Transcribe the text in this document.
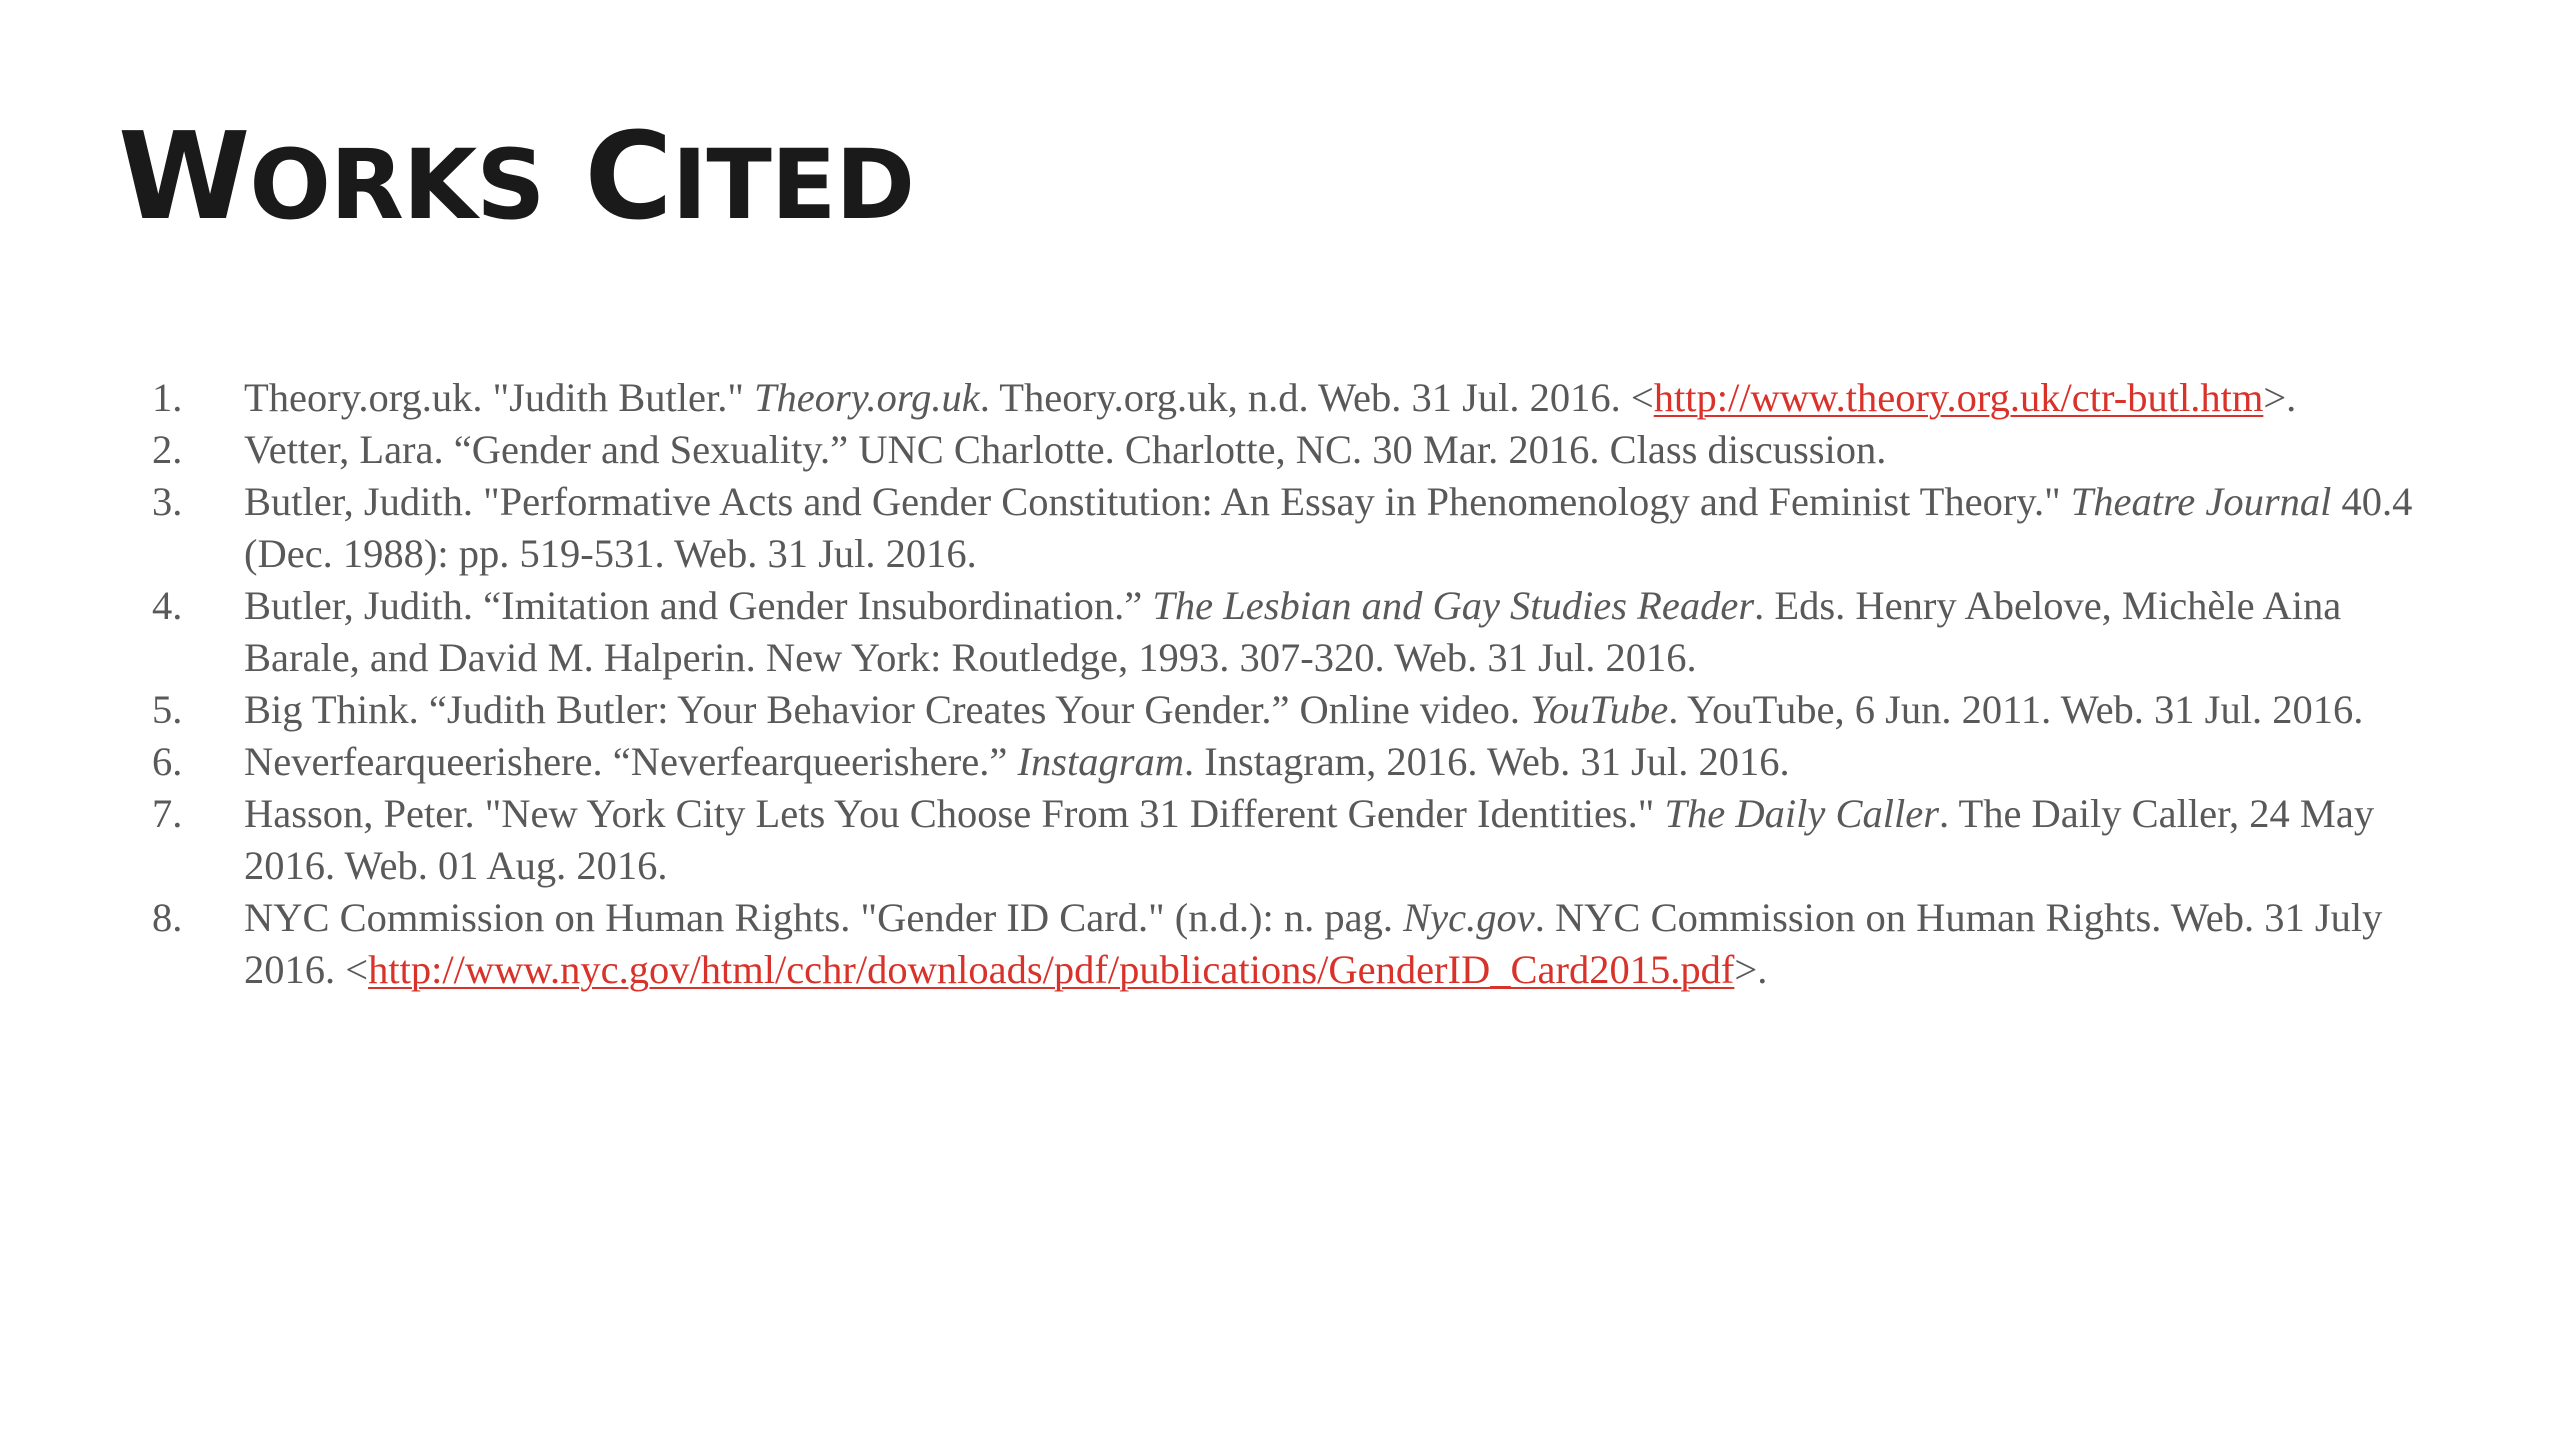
WORKS CITED
1. Theory.org.uk. "Judith Butler." Theory.org.uk. Theory.org.uk, n.d. Web. 31 Jul. 2016. <http://www.theory.org.uk/ctr-butl.htm>.
2. Vetter, Lara. “Gender and Sexuality.” UNC Charlotte. Charlotte, NC. 30 Mar. 2016. Class discussion.
3. Butler, Judith. "Performative Acts and Gender Constitution: An Essay in Phenomenology and Feminist Theory." Theatre Journal 40.4 (Dec. 1988): pp. 519-531. Web. 31 Jul. 2016.
4. Butler, Judith. “Imitation and Gender Insubordination.” The Lesbian and Gay Studies Reader. Eds. Henry Abelove, Michèle Aina Barale, and David M. Halperin. New York: Routledge, 1993. 307-320. Web. 31 Jul. 2016.
5. Big Think. “Judith Butler: Your Behavior Creates Your Gender.” Online video. YouTube. YouTube, 6 Jun. 2011. Web. 31 Jul. 2016.
6. Neverfearqueerishere. “Neverfearqueerishere.” Instagram. Instagram, 2016. Web. 31 Jul. 2016.
7. Hasson, Peter. "New York City Lets You Choose From 31 Different Gender Identities." The Daily Caller. The Daily Caller, 24 May 2016. Web. 01 Aug. 2016.
8. NYC Commission on Human Rights. "Gender ID Card." (n.d.): n. pag. Nyc.gov. NYC Commission on Human Rights. Web. 31 July 2016. <http://www.nyc.gov/html/cchr/downloads/pdf/publications/GenderID_Card2015.pdf>.
